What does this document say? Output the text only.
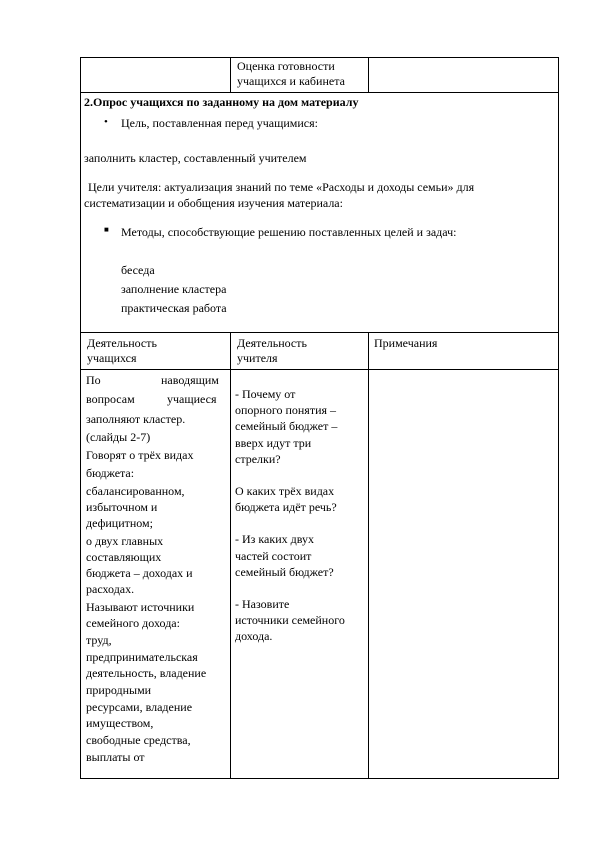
Оценка готовности
учащихся и кабинета
2.Опрос учащихся по заданному на дом материалу
• Цель, поставленная перед учащимися:
заполнить кластер, составленный учителем
Цели учителя: актуализация знаний по теме «Расходы и доходы семьи» для
систематизации и обобщения изучения материала:
■ Методы, способствующие решению поставленных целей и задач:
беседа
заполнение кластера
практическая работа
Деятельность
учащихся
Деятельность
учителя
Примечания
По	наводящим
вопросам	учащиеся
заполняют кластер.
(слайды 2-7)
Говорят о трёх видах
бюджета:
сбалансированном,
избыточном и
дефицитном;
о двух главных
составляющих
бюджета – доходах и
расходах.
Называют источники
семейного дохода:
труд,
предпринимательская
деятельность, владение
природными
ресурсами, владение
имуществом,
свободные средства,
выплаты от
- Почему от
опорного понятия –
семейный бюджет –
вверх идут три
стрелки?
О каких трёх видах
бюджета идёт речь?
- Из каких двух
частей состоит
семейный бюджет?
- Назовите
источники семейного
дохода.
